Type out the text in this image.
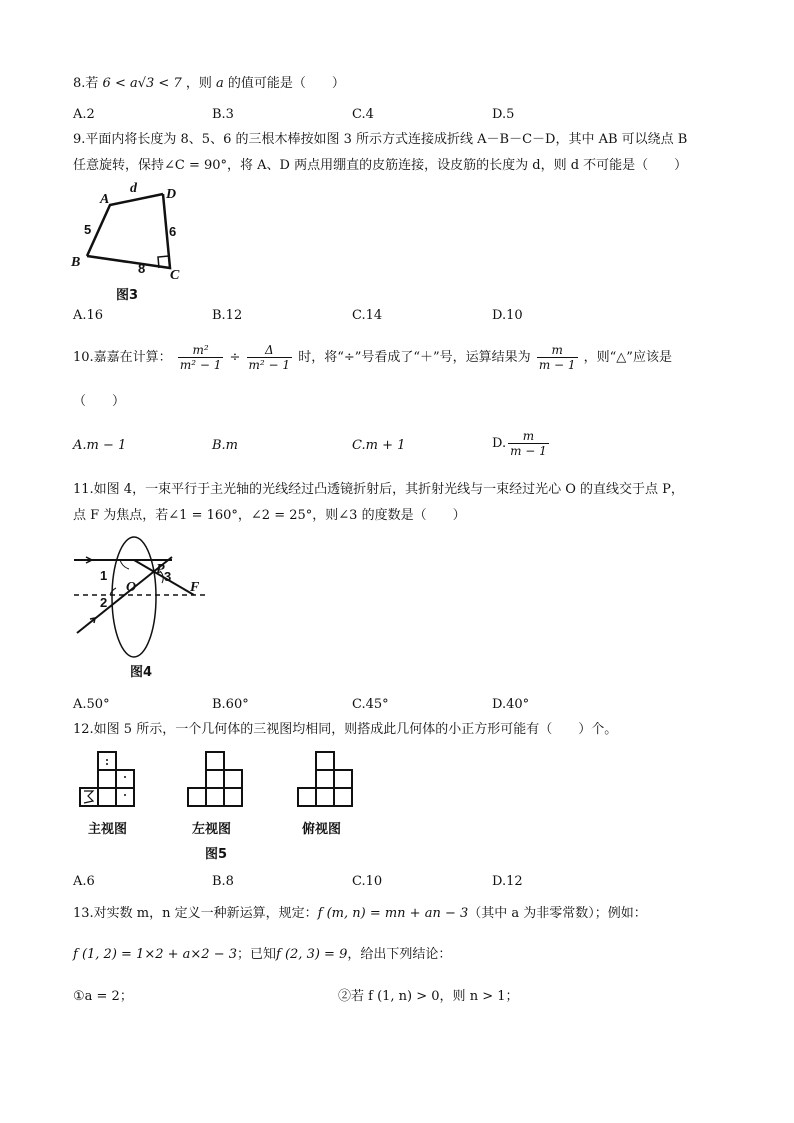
8.若 6 < a√3 < 7 ，则 a 的值可能是（　　）
A.2	B.3	C.4	D.5
9.平面内将长度为 8、5、6 的三根木棒按如图 3 所示方式连接成折线 A－B－C－D，其中 AB 可以绕点 B
任意旋转，保持∠C = 90°，将 A、D 两点用绷直的皮筋连接，设皮筋的长度为 d，则 d 不可能是（　　）
A
B
C
D
d
5	6
8
图3
A.16	B.12	C.14	D.10
10.嘉嘉在计算： $\frac{\text{m²}}{\text{m² − 1}} \div \frac{\Delta}{\text{m² − 1}}$ 时，将“÷”号看成了“＋”号，运算结果为 $\frac{m}{m - 1}$ ，则“△”应该是
（　　）
A.m − 1	B.m	C.m + 1	D. $\frac{m}{m - 1}$
11.如图 4，一束平行于主光轴的光线经过凸透镜折射后，其折射光线与一束经过光心 O 的直线交于点 P，
点 F 为焦点，若∠1 = 160°，∠2 = 25°，则∠3 的度数是（　　）
1
2
3
O
P
F
图4
A.50°	B.60°	C.45°	D.40°
12.如图 5 所示，一个几何体的三视图均相同，则搭成此几何体的小正方形可能有（　　）个。
主视图	左视图	俯视图
图5
A.6	B.8	C.10	D.12
13.对实数 m，n 定义一种新运算，规定：f (m, n) = mn + an − 3（其中 a 为非零常数）；例如：
f (1, 2) = 1×2 + a×2 − 3；已知f (2, 3) = 9，给出下列结论：
①a = 2；	②若 f (1, n) > 0，则 n > 1；
